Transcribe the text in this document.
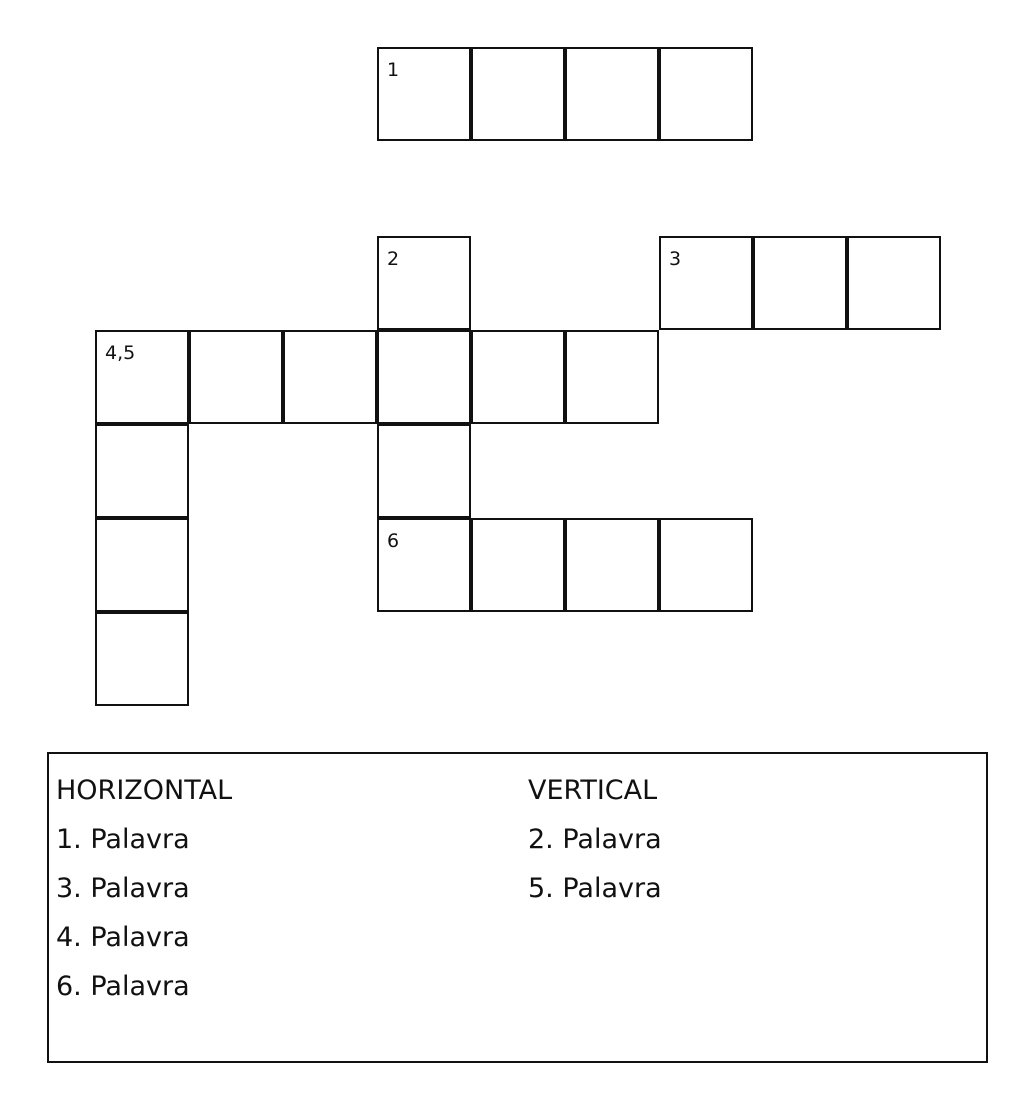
1
2	3
4,5
6
HORIZONTAL
1. Palavra
3. Palavra
4. Palavra
6. Palavra
VERTICAL
2. Palavra
5. Palavra
